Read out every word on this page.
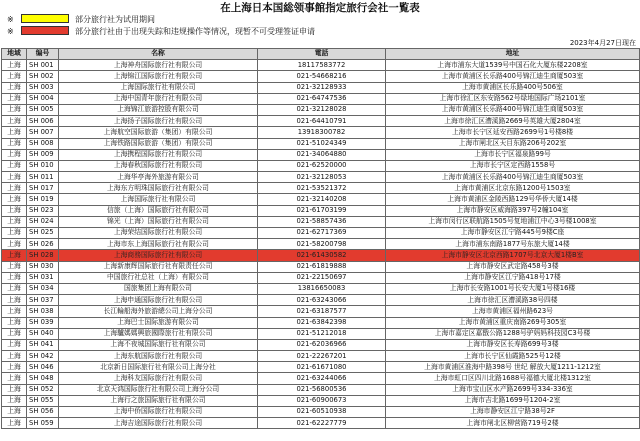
在上海日本国総领事館指定旅行会社一覧表
※	部分旅行社为试用期间
※	部分旅行社由于出现失踪和违规操作等情况，现暂不可受理签证申请
2023年4月27日现在
地域	编号	名称	電話	地址
上海	SH 001	上海神舟国际旅行社有限公司	18117583772	上海市浦东大道1539号中国石化大厦东楼2208室
上海	SH 002	上海锦江国际旅行社有限公司	021-54668216	上海市黄浦区长乐路400号锦江迪生商厦503室
上海	SH 003	上海国际旅行社有限公司	021-32128933	上海市黄浦区长乐路400号506室
上海	SH 004	上海中国青年旅行社有限公司	021-64747536	上海市徐汇区东安路562号绿地国际广场2101室
上海	SH 005	上海锦江旅游控股有限公司	021-32128028	上海市黄浦区长乐路400号锦江迪生商厦503室
上海	SH 006	上海扬子国际旅行社有限公司	021-64410791	上海市徐汇区漕溪路2669号英雄大厦2804室
上海	SH 007	上海航空国际旅游（集团）有限公司	13918300782	上海市长宁区延安西路2699号1号楼8楼
上海	SH 008	上海铁路国际旅游（集团）有限公司	021-51024349	上海市闸北区天目东路206号202室
上海	SH 009	上海携程国际旅行社有限公司	021-34064880	上海市长宁区福泉路99号
上海	SH 010	上海春秋国际旅行社有限公司	021-62520000	上海市长宁区定西路1558号
上海	SH 011	上海华亭海外旅游有限公司	021-32128053	上海市黄浦区长乐路400号锦江迪生商厦503室
上海	SH 017	上海东方明珠国际旅行社有限公司	021-53521372	上海市黄浦区北京东路1200号1503室
上海	SH 019	上海国际旅行社有限公司	021-32140208	上海市黄浦区金陵西路129号华侨大厦14楼
上海	SH 023	信旅（上海）国际旅行社有限公司	021-61703199	上海市静安区威海路397号2幢104室
上海	SH 024	锦光（上海）国际旅行社有限公司	021-58857436	上海市闵行区联航路1505号复地浦江中心3号楼1008室
上海	SH 025	上海荣结国际旅行社有限公司	021-62717369	上海市静安区江宁路445号9楼C座
上海	SH 026	上海市东上海国际旅行社有限公司	021-58200798	上海市浦东南路1877号东旅大厦14楼
上海	SH 028	上海商務国际旅行社有限公司	021-61430582	上海市静安区北京西路1707号北京大厦1楼B室
上海	SH 030	上海新康辉国际旅行社有限责任公司	021-61819888	上海市静安区武定路458号3楼
上海	SH 031	中国旅行社总社（上海）有限公司	021-22150697	上海市静安区江宁路418号17楼
上海	SH 034	国旅集团上海有限公司	13816650083	上海市长安路1001号长安大厦1号楼16楼
上海	SH 037	上海申通国际旅行社有限公司	021-63243066	上海市徐汇区漕溪路38号四楼
上海	SH 038	长江輪船海外旅游總公司上海分公司	021-63187577	上海市黄浦区福州路623号
上海	SH 039	上海巴士国际旅游有限公司	021-63842398	上海市黄浦区重庆南路269号305室
上海	SH 040	上海驢媽媽興旅國際旅行社有限公司	021-51212018	上海市嘉定区嘉戬公路1288号驴妈妈科技园C3号楼
上海	SH 041	上海不夜城国际旅行社有限公司	021-62036966	上海市静安区长寿路699号3楼
上海	SH 042	上海东航国际旅行社有限公司	021-22267201	上海市长宁区仙霞路525号12楼
上海	SH 046	北京新日国际旅行社有限公司上海分社	021-61671080	上海市黄浦区淮海中路398号 世纪 解放大厦1211-1212室
上海	SH 048	上海科友国际旅行社有限公司	021-63244066	上海市虹口区四川北路1688号福德大厦北楼1312室
上海	SH 052	北京天鸿国际旅行社有限公司上海分公司	021-56800536	上海市宝山区水产路2699号334-336室
上海	SH 055	上海行之旅国际旅行社有限公司	021-60900673	上海市吉北路1699号1204-2室
上海	SH 056	上海中侨国际旅行社有限公司	021-60510938	上海市静安区江宁路38号2F
上海	SH 059	上海吉途国际旅行社有限公司	021-62227779	上海市闸北区柳营路719号2楼
